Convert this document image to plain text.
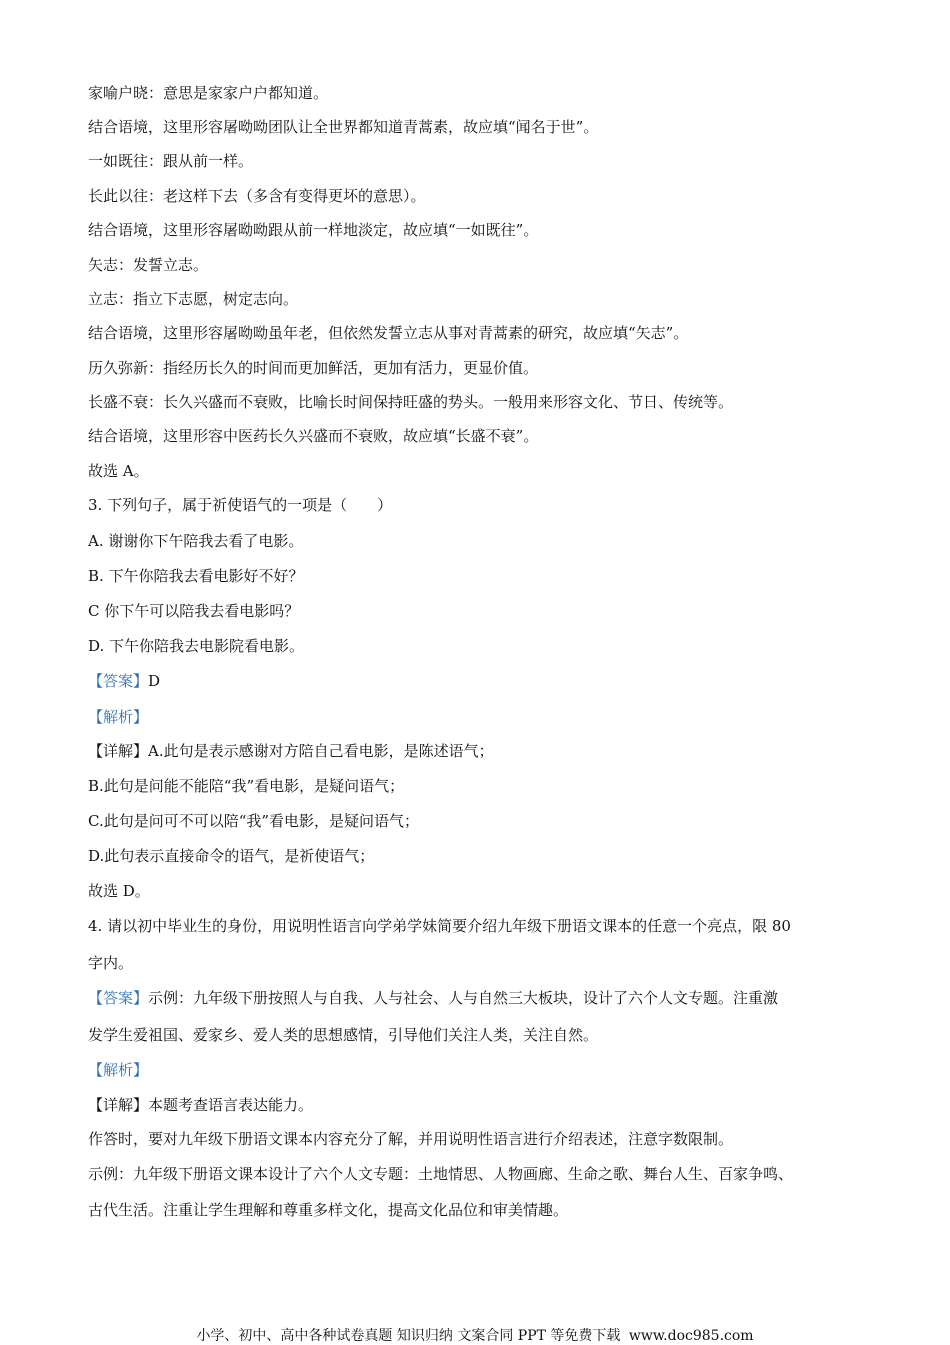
家喻户晓：意思是家家户户都知道。
结合语境，这里形容屠呦呦团队让全世界都知道青蒿素，故应填“闻名于世”。
一如既往：跟从前一样。
长此以往：老这样下去（多含有变得更坏的意思）。
结合语境，这里形容屠呦呦跟从前一样地淡定，故应填“一如既往”。
矢志：发誓立志。
立志：指立下志愿，树定志向。
结合语境，这里形容屠呦呦虽年老，但依然发誓立志从事对青蒿素的研究，故应填“矢志”。
历久弥新：指经历长久的时间而更加鲜活，更加有活力，更显价值。
长盛不衰：长久兴盛而不衰败，比喻长时间保持旺盛的势头。一般用来形容文化、节日、传统等。
结合语境，这里形容中医药长久兴盛而不衰败，故应填“长盛不衰”。
故选 A。
3. 下列句子，属于祈使语气的一项是（　　）
A. 谢谢你下午陪我去看了电影。
B. 下午你陪我去看电影好不好？
C 你下午可以陪我去看电影吗？
D. 下午你陪我去电影院看电影。
【答案】D
【解析】
【详解】A.此句是表示感谢对方陪自己看电影，是陈述语气；
B.此句是问能不能陪“我”看电影，是疑问语气；
C.此句是问可不可以陪“我”看电影，是疑问语气；
D.此句表示直接命令的语气，是祈使语气；
故选 D。
4. 请以初中毕业生的身份，用说明性语言向学弟学妹简要介绍九年级下册语文课本的任意一个亮点，限 80
字内。
【答案】示例：九年级下册按照人与自我、人与社会、人与自然三大板块，设计了六个人文专题。注重激
发学生爱祖国、爱家乡、爱人类的思想感情，引导他们关注人类，关注自然。
【解析】
【详解】本题考查语言表达能力。
作答时，要对九年级下册语文课本内容充分了解，并用说明性语言进行介绍表述，注意字数限制。
示例：九年级下册语文课本设计了六个人文专题：土地情思、人物画廊、生命之歌、舞台人生、百家争鸣、
古代生活。注重让学生理解和尊重多样文化，提高文化品位和审美情趣。
小学、初中、高中各种试卷真题 知识归纳 文案合同 PPT 等免费下载 www.doc985.com
